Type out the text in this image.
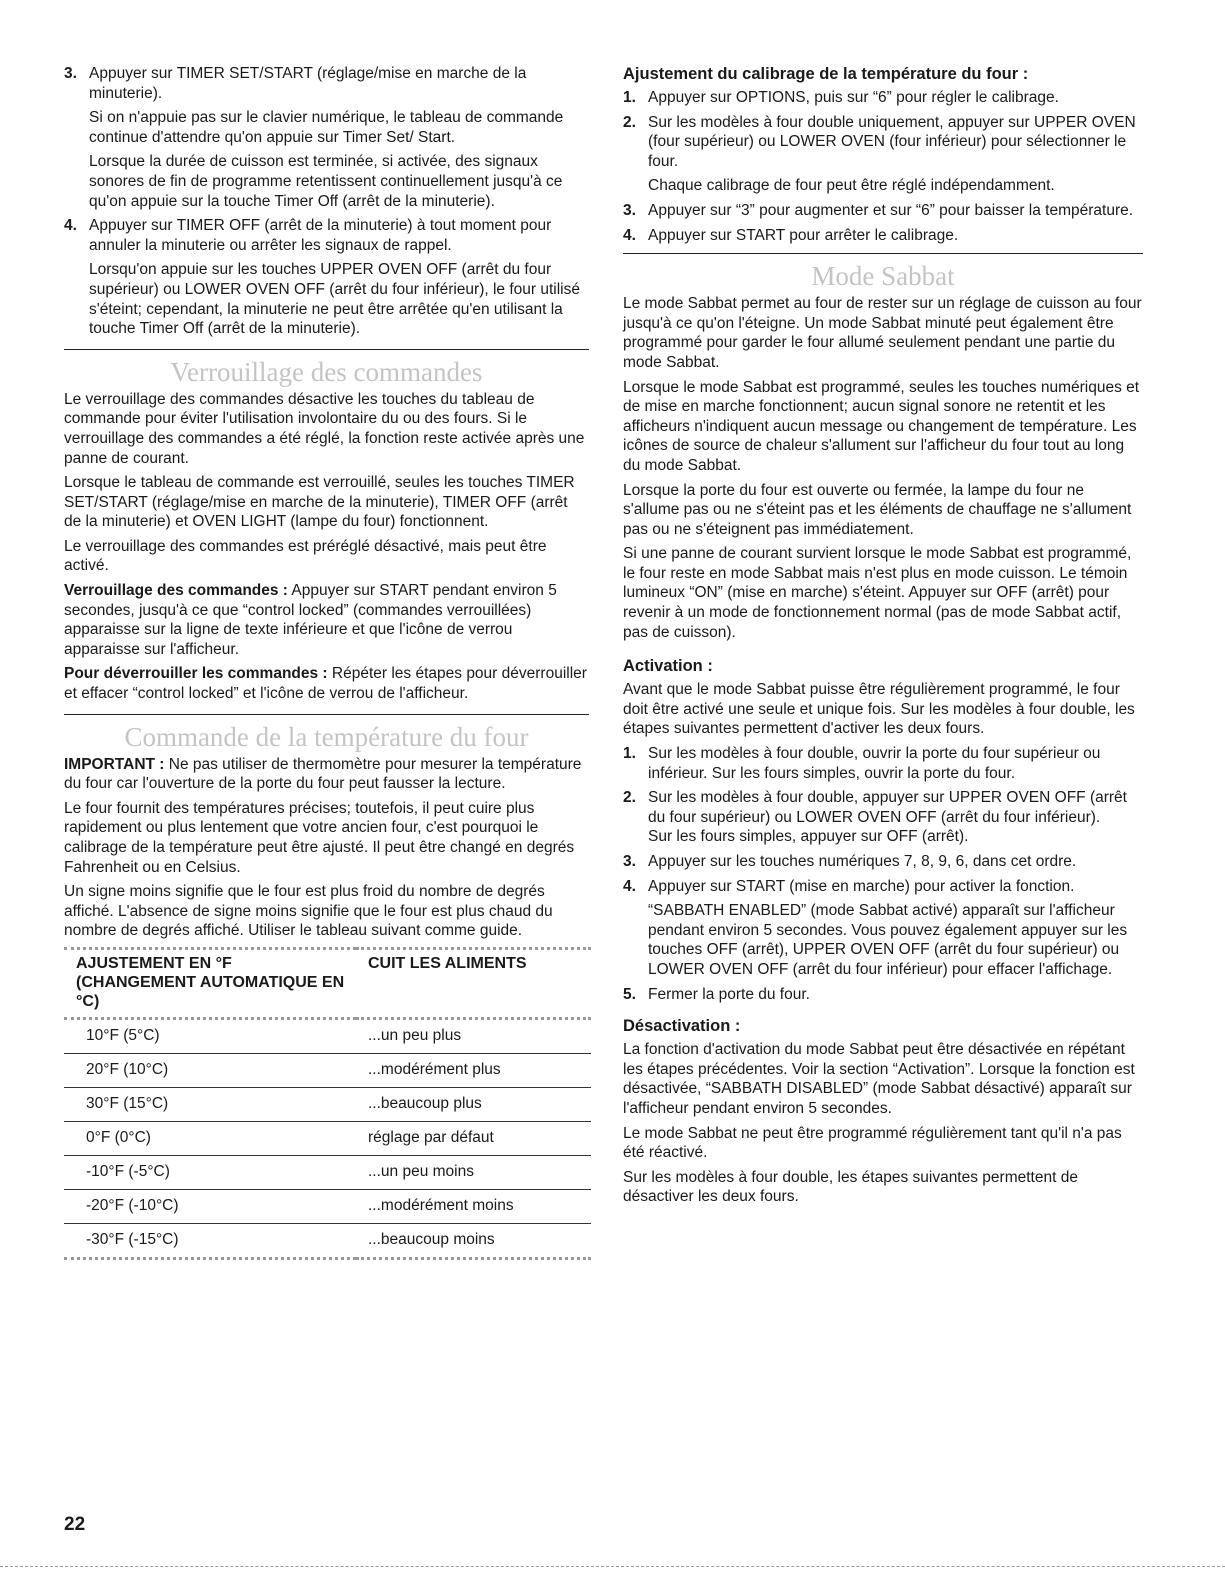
3. Appuyer sur TIMER SET/START (réglage/mise en marche de la minuterie).

Si on n'appuie pas sur le clavier numérique, le tableau de commande continue d'attendre qu'on appuie sur Timer Set/ Start.

Lorsque la durée de cuisson est terminée, si activée, des signaux sonores de fin de programme retentissent continuellement jusqu'à ce qu'on appuie sur la touche Timer Off (arrêt de la minuterie).

4. Appuyer sur TIMER OFF (arrêt de la minuterie) à tout moment pour annuler la minuterie ou arrêter les signaux de rappel.

Lorsqu'on appuie sur les touches UPPER OVEN OFF (arrêt du four supérieur) ou LOWER OVEN OFF (arrêt du four inférieur), le four utilisé s'éteint; cependant, la minuterie ne peut être arrêtée qu'en utilisant la touche Timer Off (arrêt de la minuterie).

Verrouillage des commandes

Le verrouillage des commandes désactive les touches du tableau de commande pour éviter l'utilisation involontaire du ou des fours. Si le verrouillage des commandes a été réglé, la fonction reste activée après une panne de courant.

Lorsque le tableau de commande est verrouillé, seules les touches TIMER SET/START (réglage/mise en marche de la minuterie), TIMER OFF (arrêt de la minuterie) et OVEN LIGHT (lampe du four) fonctionnent.

Le verrouillage des commandes est préréglé désactivé, mais peut être activé.

Verrouillage des commandes : Appuyer sur START pendant environ 5 secondes, jusqu'à ce que “control locked” (commandes verrouillées) apparaisse sur la ligne de texte inférieure et que l'icône de verrou apparaisse sur l'afficheur.

Pour déverrouiller les commandes : Répéter les étapes pour déverrouiller et effacer “control locked” et l'icône de verrou de l'afficheur.

Commande de la température du four

IMPORTANT : Ne pas utiliser de thermomètre pour mesurer la température du four car l'ouverture de la porte du four peut fausser la lecture.

Le four fournit des températures précises; toutefois, il peut cuire plus rapidement ou plus lentement que votre ancien four, c'est pourquoi le calibrage de la température peut être ajusté. Il peut être changé en degrés Fahrenheit ou en Celsius.

Un signe moins signifie que le four est plus froid du nombre de degrés affiché. L'absence de signe moins signifie que le four est plus chaud du nombre de degrés affiché. Utiliser le tableau suivant comme guide.

AJUSTEMENT EN °F (CHANGEMENT AUTOMATIQUE EN °C)	CUIT LES ALIMENTS
10°F (5°C)	...un peu plus
20°F (10°C)	...modérément plus
30°F (15°C)	...beaucoup plus
0°F (0°C)	réglage par défaut
-10°F (-5°C)	...un peu moins
-20°F (-10°C)	...modérément moins
-30°F (-15°C)	...beaucoup moins
Ajustement du calibrage de la température du four :
1. Appuyer sur OPTIONS, puis sur “6” pour régler le calibrage.

2. Sur les modèles à four double uniquement, appuyer sur UPPER OVEN (four supérieur) ou LOWER OVEN (four inférieur) pour sélectionner le four.

Chaque calibrage de four peut être réglé indépendamment.

3. Appuyer sur “3” pour augmenter et sur “6” pour baisser la température.

4. Appuyer sur START pour arrêter le calibrage.

Mode Sabbat

Le mode Sabbat permet au four de rester sur un réglage de cuisson au four jusqu'à ce qu'on l'éteigne. Un mode Sabbat minuté peut également être programmé pour garder le four allumé seulement pendant une partie du mode Sabbat.

Lorsque le mode Sabbat est programmé, seules les touches numériques et de mise en marche fonctionnent; aucun signal sonore ne retentit et les afficheurs n'indiquent aucun message ou changement de température. Les icônes de source de chaleur s'allument sur l'afficheur du four tout au long du mode Sabbat.

Lorsque la porte du four est ouverte ou fermée, la lampe du four ne s'allume pas ou ne s'éteint pas et les éléments de chauffage ne s'allument pas ou ne s'éteignent pas immédiatement.

Si une panne de courant survient lorsque le mode Sabbat est programmé, le four reste en mode Sabbat mais n'est plus en mode cuisson. Le témoin lumineux “ON” (mise en marche) s'éteint. Appuyer sur OFF (arrêt) pour revenir à un mode de fonctionnement normal (pas de mode Sabbat actif, pas de cuisson).

Activation :

Avant que le mode Sabbat puisse être régulièrement programmé, le four doit être activé une seule et unique fois. Sur les modèles à four double, les étapes suivantes permettent d'activer les deux fours.

1. Sur les modèles à four double, ouvrir la porte du four supérieur ou inférieur. Sur les fours simples, ouvrir la porte du four.

2. Sur les modèles à four double, appuyer sur UPPER OVEN OFF (arrêt du four supérieur) ou LOWER OVEN OFF (arrêt du four inférieur).

Sur les fours simples, appuyer sur OFF (arrêt).

3. Appuyer sur les touches numériques 7, 8, 9, 6, dans cet ordre.

4. Appuyer sur START (mise en marche) pour activer la fonction.

“SABBATH ENABLED” (mode Sabbat activé) apparaît sur l'afficheur pendant environ 5 secondes. Vous pouvez également appuyer sur les touches OFF (arrêt), UPPER OVEN OFF (arrêt du four supérieur) ou LOWER OVEN OFF (arrêt du four inférieur) pour effacer l'affichage.

5. Fermer la porte du four.

Désactivation :

La fonction d'activation du mode Sabbat peut être désactivée en répétant les étapes précédentes. Voir la section “Activation”. Lorsque la fonction est désactivée, “SABBATH DISABLED” (mode Sabbat désactivé) apparaît sur l'afficheur pendant environ 5 secondes.

Le mode Sabbat ne peut être programmé régulièrement tant qu'il n'a pas été réactivé.

Sur les modèles à four double, les étapes suivantes permettent de désactiver les deux fours.

22
